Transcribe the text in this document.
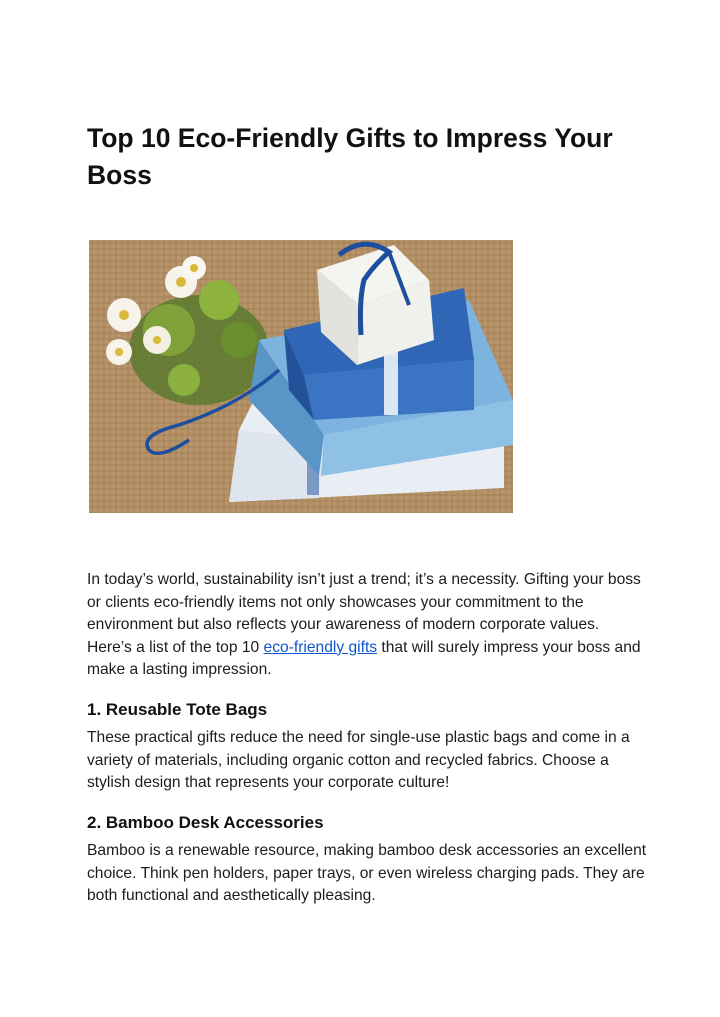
Top 10 Eco-Friendly Gifts to Impress Your Boss

In today’s world, sustainability isn’t just a trend; it’s a necessity. Gifting your boss or clients eco-friendly items not only showcases your commitment to the environment but also reflects your awareness of modern corporate values. Here’s a list of the top 10 eco-friendly gifts that will surely impress your boss and make a lasting impression.

1. Reusable Tote Bags

These practical gifts reduce the need for single-use plastic bags and come in a variety of materials, including organic cotton and recycled fabrics. Choose a stylish design that represents your corporate culture!

2. Bamboo Desk Accessories

Bamboo is a renewable resource, making bamboo desk accessories an excellent choice. Think pen holders, paper trays, or even wireless charging pads. They are both functional and aesthetically pleasing.
